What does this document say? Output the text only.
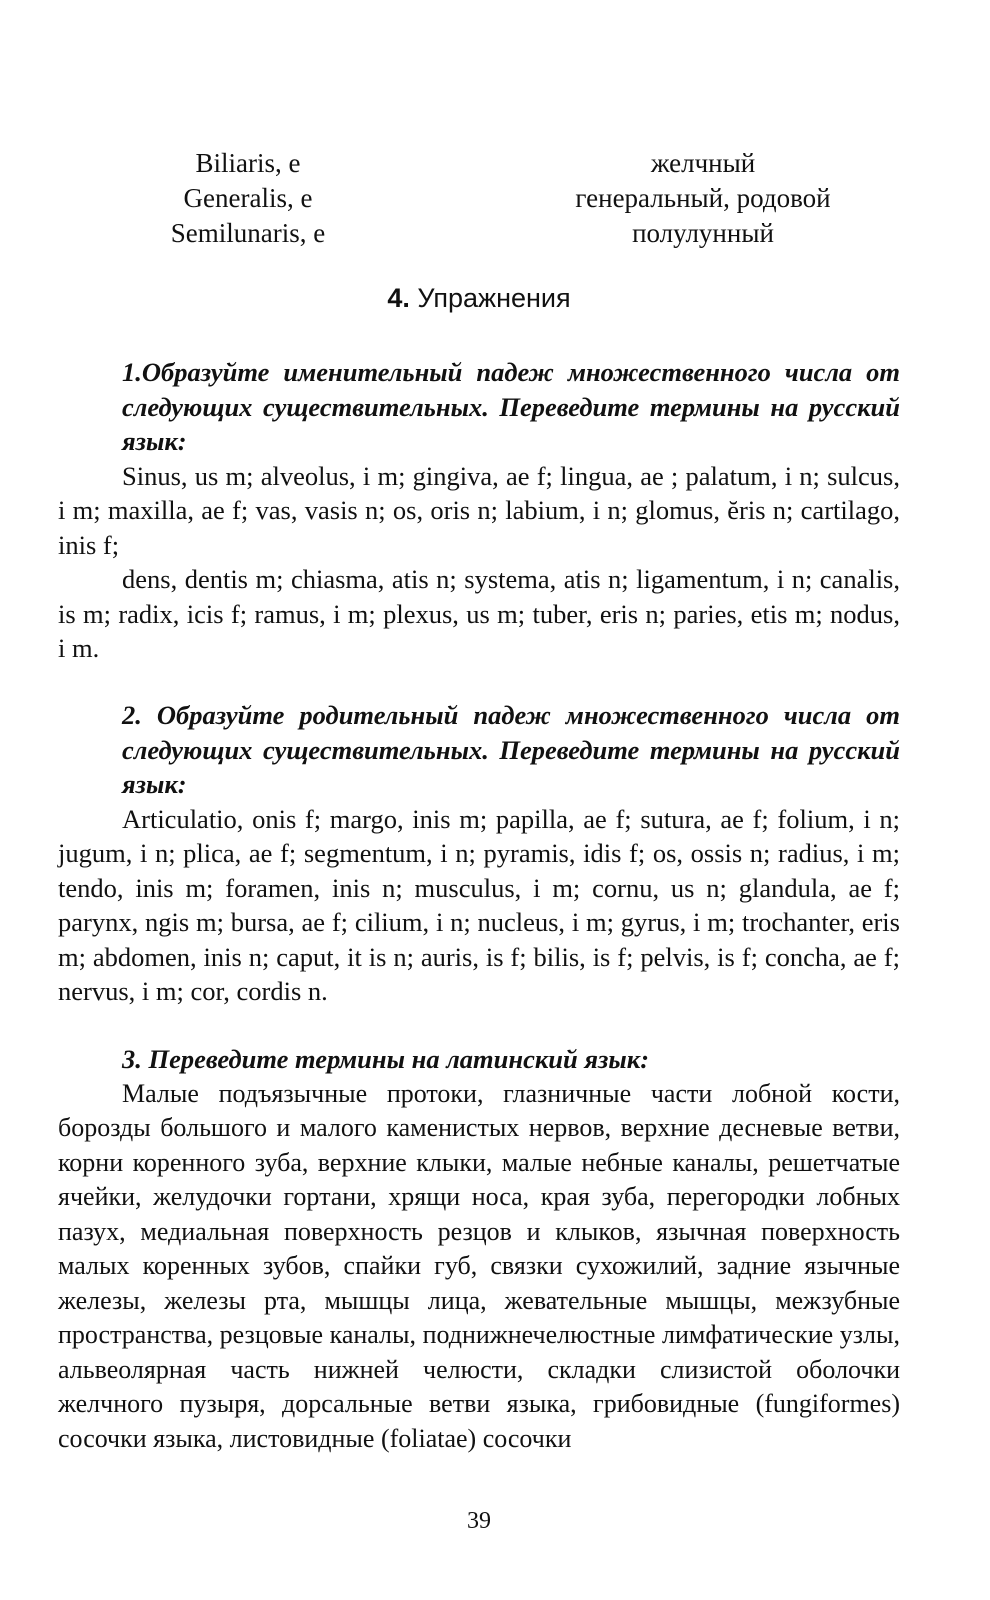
Biliaris, e	желчный
Generalis, e	генеральный, родовой
Semilunaris, e	полулунный
4. Упражнения

1.Образуйте именительный падеж множественного числа от следующих существительных. Переведите термины на русский язык:

Sinus, us m; alveolus, i m; gingiva, ae f; lingua, ae ; palatum, i n; sulcus, i m; maxilla, ae f; vas, vasis n; os, oris n; labium, i n; glomus, ĕris n; cartilago, inis f;

dens, dentis m; chiasma, atis n; systema, atis n; ligamentum, i n; canalis, is m; radix, icis f; ramus, i m; plexus, us m; tuber, eris n; paries, etis m; nodus, i m.

2. Образуйте родительный падеж множественного числа от следующих существительных. Переведите термины на русский язык:

Articulatio, onis f; margo, inis m; papilla, ae f; sutura, ae f; folium, i n; jugum, i n; plica, ae f; segmentum, i n; pyramis, idis f; os, ossis n; radius, i m; tendo, inis m; foramen, inis n; musculus, i m; cornu, us n; glandula, ae f; parynx, ngis m; bursa, ae f; cilium, i n; nucleus, i m; gyrus, i m; trochanter, eris m; abdomen, inis n; caput, it is n; auris, is f; bilis, is f; pelvis, is f; concha, ae f; nervus, i m; cor, cordis n.

3. Переведите термины на латинский язык:

Малые подъязычные протоки, глазничные части лобной кости, борозды большого и малого каменистых нервов, верхние десневые ветви, корни коренного зуба, верхние клыки, малые небные каналы, решетчатые ячейки, желудочки гортани, хрящи носа, края зуба, перегородки лобных пазух, медиальная поверхность резцов и клыков, язычная поверхность малых коренных зубов, спайки губ, связки сухожилий, задние язычные железы, железы рта, мышцы лица, жевательные мышцы, межзубные пространства, резцовые каналы, поднижнечелюстные лимфатические узлы, альвеолярная часть нижней челюсти, складки слизистой оболочки желчного пузыря, дорсальные ветви языка, грибовидные (fungiformes) сосочки языка, листовидные (foliatae) сосочки

39
